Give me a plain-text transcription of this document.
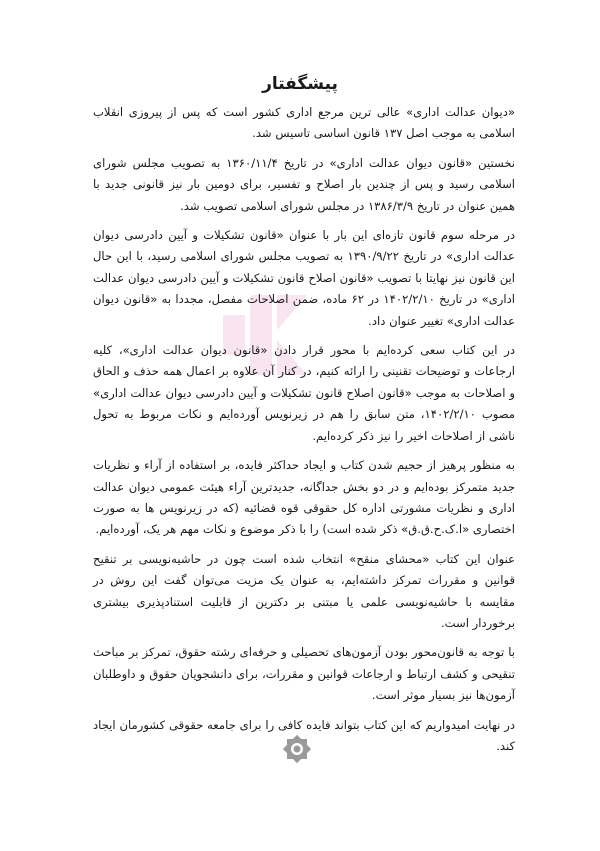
پیشگفتار

«دیوان عدالت اداری» عالی ترین مرجع اداری کشور است که پس از پیروزی انقلاب اسلامی به موجب اصل ۱۳۷ قانون اساسی تاسیس شد.

نخستین «قانون دیوان عدالت اداری» در تاریخ ۱۳۶۰/۱۱/۴ به تصویب مجلس شورای اسلامی رسید و پس از چندین بار اصلاح و تفسیر، برای دومین بار نیز قانونی جدید با همین عنوان در تاریخ ۱۳۸۶/۳/۹ در مجلس شورای اسلامی تصویب شد.

در مرحله سوم قانون تازه‌ای این بار با عنوان «قانون تشکیلات و آیین دادرسی دیوان عدالت اداری» در تاریخ ۱۳۹۰/۹/۲۲ به تصویب مجلس شورای اسلامی رسید، با این حال این قانون نیز نهایتا با تصویب «قانون اصلاح قانون تشکیلات و آیین دادرسی دیوان عدالت اداری» در تاریخ ۱۴۰۲/۲/۱۰ در ۶۲ ماده، ضمن اصلاحات مفصل، مجددا به «قانون دیوان عدالت اداری» تغییر عنوان داد.

در این کتاب سعی کرده‌ایم با محور قرار دادن «قانون دیوان عدالت اداری»، کلیه ارجاعات و توضیحات تقنینی را ارائه کنیم، در کنار آن علاوه بر اعمال همه حذف و الحاق و اصلاحات به موجب «قانون اصلاح قانون تشکیلات و آیین دادرسی دیوان عدالت اداری» مصوب ۱۴۰۲/۲/۱۰، متن سابق را هم در زیرنویس آورده‌ایم و نکات مربوط به تحول ناشی از اصلاحات اخیر را نیز ذکر کرده‌ایم.

به منظور پرهیز از حجیم شدن کتاب و ایجاد حداکثر فایده، بر استفاده از آراء و نظریات جدید متمرکز بوده‌ایم و در دو بخش جداگانه، جدیدترین آراء هیئت عمومی دیوان عدالت اداری و نظریات مشورتی اداره کل حقوقی قوه قضائیه (که در زیرنویس ها به صورت اختصاری «ا.ک.ح.ق.ق» ذکر شده است) را با ذکر موضوع و نکات مهم هر یک، آورده‌ایم.

عنوان این کتاب «محشای منقح» انتخاب شده است چون در حاشیه‌نویسی بر تنقیح قوانین و مقررات تمرکز داشته‌ایم، به عنوان یک مزیت می‌توان گفت این روش در مقایسه با حاشیه‌نویسی علمی یا مبتنی بر دکترین از قابلیت استنادپذیری بیشتری برخوردار است.

با توجه به قانون‌محور بودن آزمون‌های تحصیلی و حرفه‌ای رشته حقوق، تمرکز بر مباحث تنقیحی و کشف ارتباط و ارجاعات قوانین و مقررات، برای دانشجویان حقوق و داوطلبان آزمون‌ها نیز بسیار موثر است.

در نهایت امیدواریم که این کتاب بتواند فایده کافی را برای جامعه حقوقی کشورمان ایجاد کند.
